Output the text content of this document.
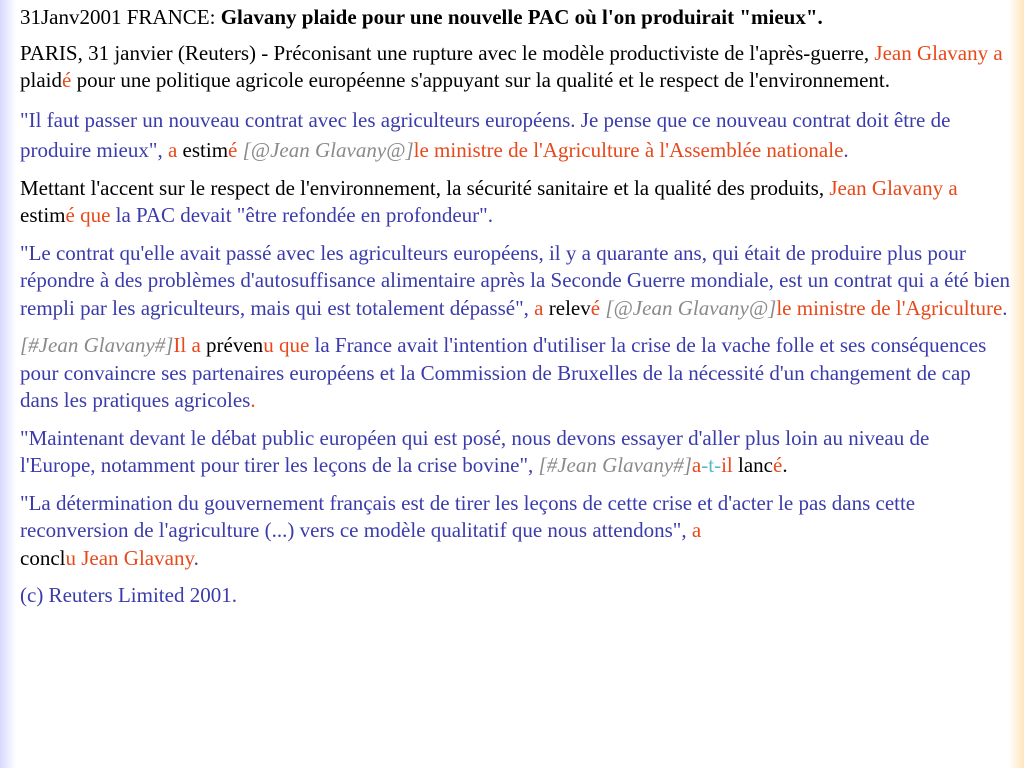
31Janv2001 FRANCE: Glavany plaide pour une nouvelle PAC où l'on produirait "mieux".

PARIS, 31 janvier (Reuters) - Préconisant une rupture avec le modèle productiviste de l'après-guerre, Jean Glavany a plaidé pour une politique agricole européenne s'appuyant sur la qualité et le respect de l'environnement.

"Il faut passer un nouveau contrat avec les agriculteurs européens. Je pense que ce nouveau contrat doit être de produire mieux", a estimé [@Jean Glavany@]le ministre de l'Agriculture à l'Assemblée nationale.

Mettant l'accent sur le respect de l'environnement, la sécurité sanitaire et la qualité des produits, Jean Glavany a estimé que la PAC devait "être refondée en profondeur".

"Le contrat qu'elle avait passé avec les agriculteurs européens, il y a quarante ans, qui était de produire plus pour répondre à des problèmes d'autosuffisance alimentaire après la Seconde Guerre mondiale, est un contrat qui a été bien rempli par les agriculteurs, mais qui est totalement dépassé", a relevé [@Jean Glavany@]le ministre de l'Agriculture.

[#Jean Glavany#]Il a prévenu que la France avait l'intention d'utiliser la crise de la vache folle et ses conséquences pour convaincre ses partenaires européens et la Commission de Bruxelles de la nécessité d'un changement de cap dans les pratiques agricoles.

"Maintenant devant le débat public européen qui est posé, nous devons essayer d'aller plus loin au niveau de l'Europe, notamment pour tirer les leçons de la crise bovine", [#Jean Glavany#]a-t-il lancé.

"La détermination du gouvernement français est de tirer les leçons de cette crise et d'acter le pas dans cette reconversion de l'agriculture (...) vers ce modèle qualitatif que nous attendons", a
conclu Jean Glavany.

(c) Reuters Limited 2001.
